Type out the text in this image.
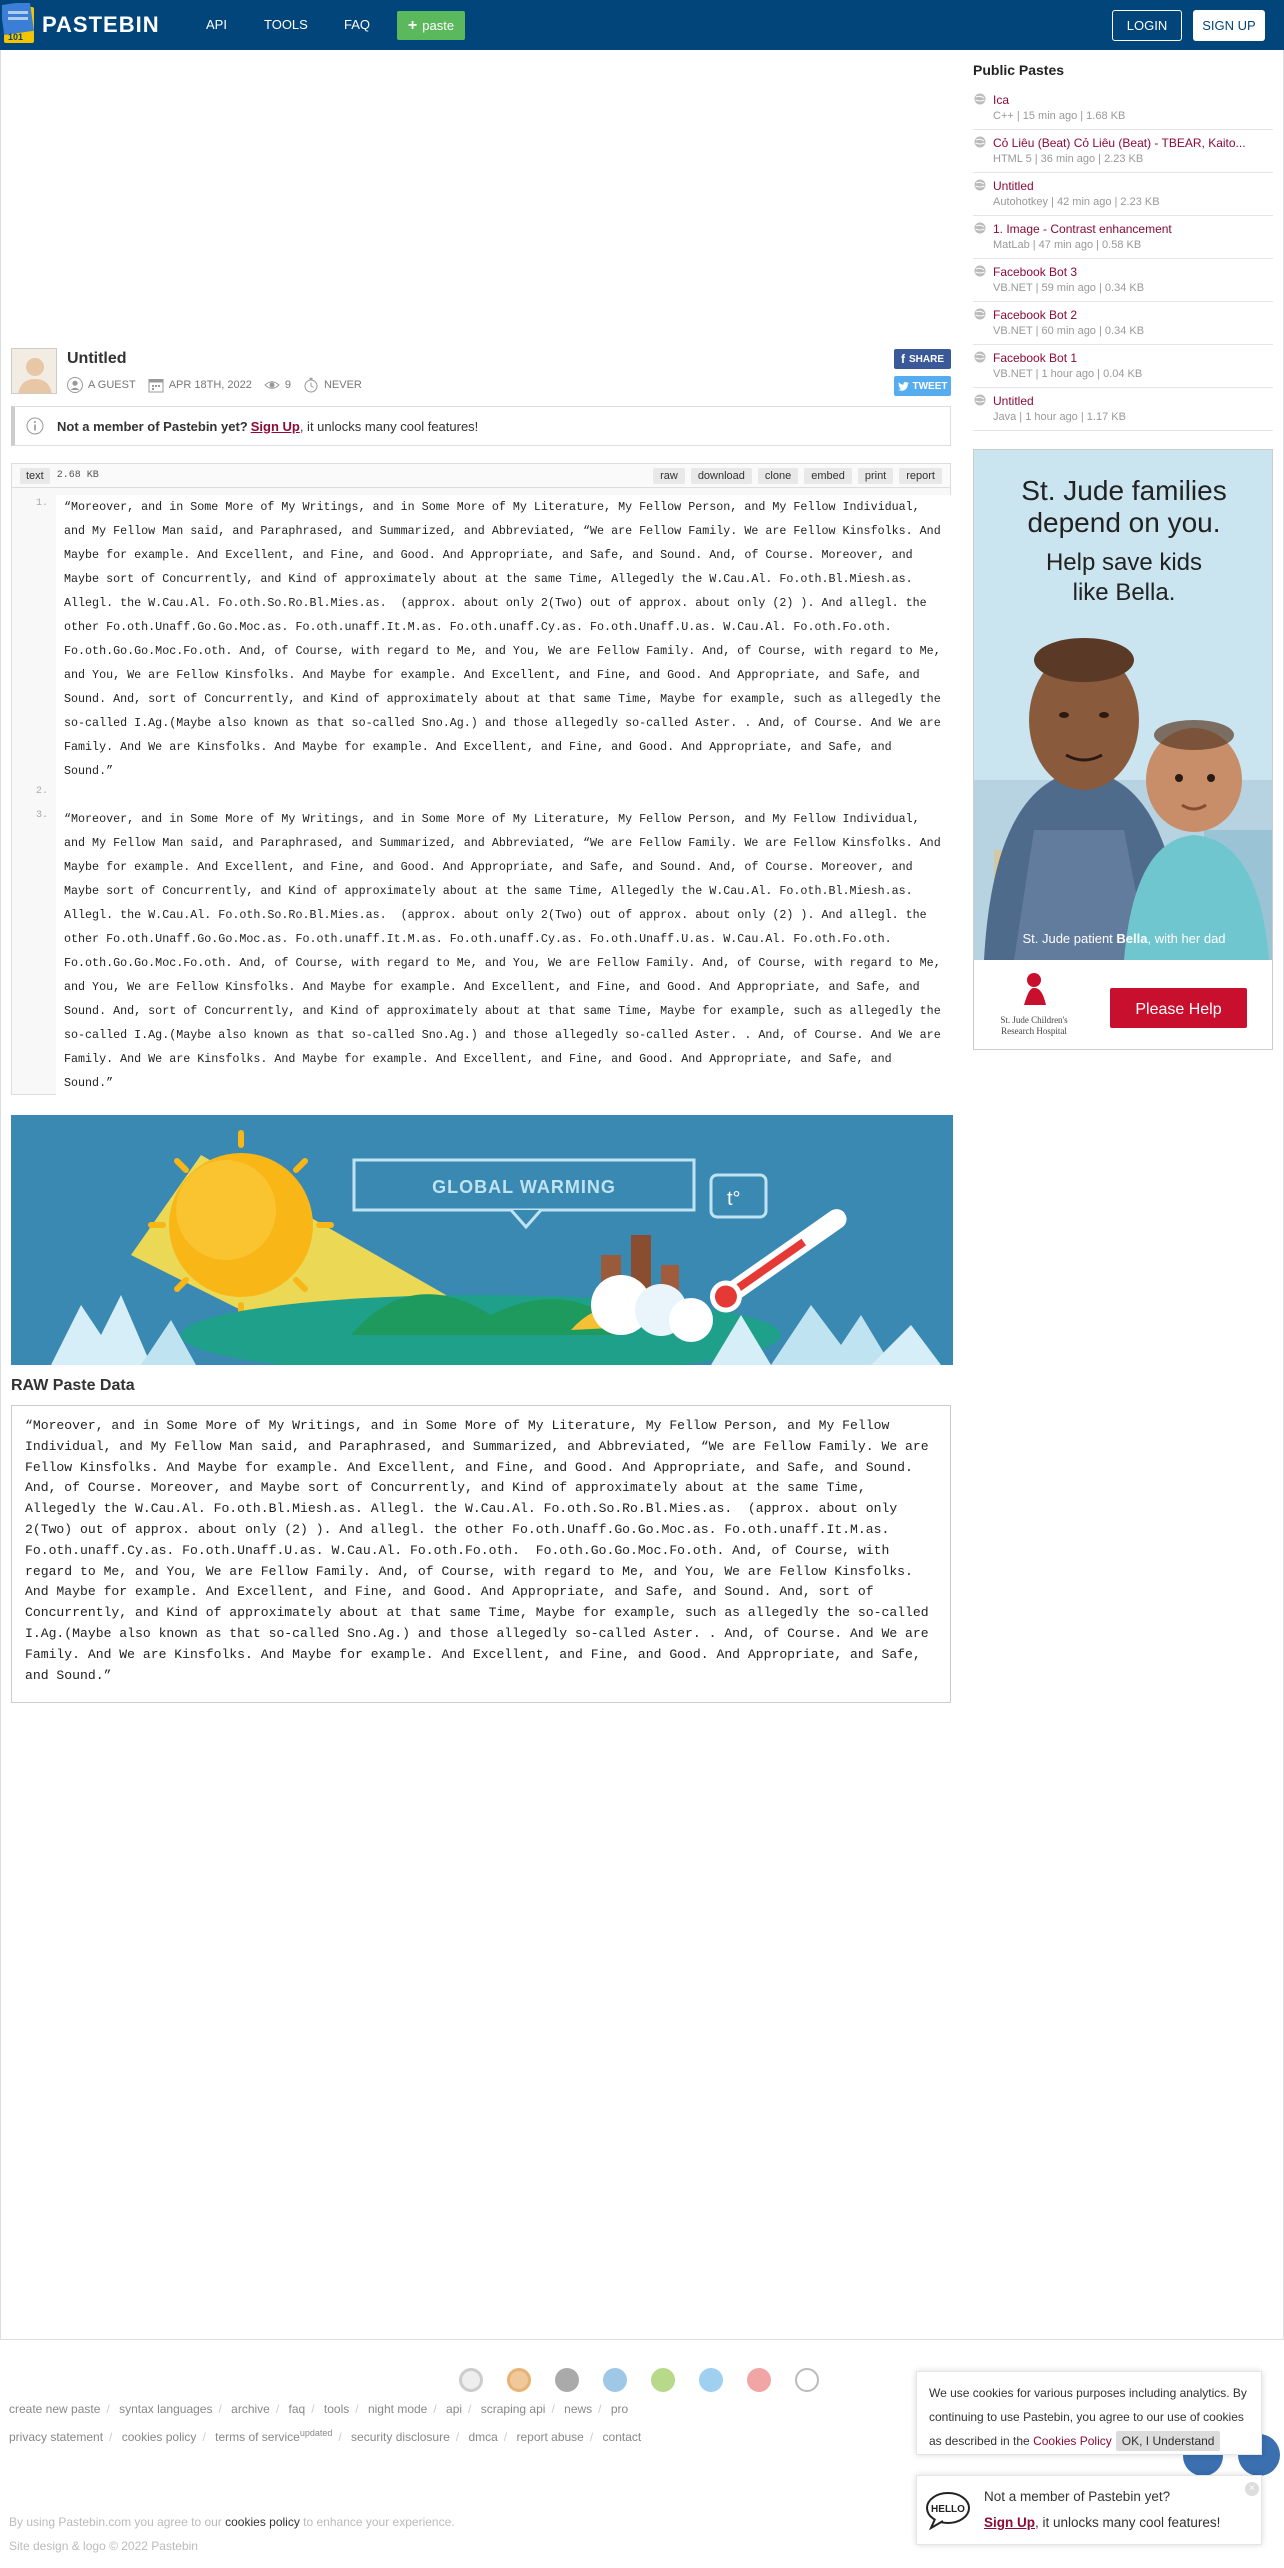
101 PASTEBIN	API	TOOLS	FAQ + paste	LOGIN	SIGN UP
Untitled
A GUEST	APR 18TH, 2022	9	NEVER
f SHARE
TWEET
Not a member of Pastebin yet? Sign Up , it unlocks many cool features!
text	2.68 KB	raw	download	clone	embed	print	report
1.	“Moreover, and in Some More of My Writings, and in Some More of My Literature, My Fellow Person, and My Fellow Individual, and My Fellow Man said, and Paraphrased, and Summarized, and Abbreviated, “We are Fellow Family. We are Fellow Kinsfolks. And Maybe for example. And Excellent, and Fine, and Good. And Appropriate, and Safe, and Sound. And, of Course. Moreover, and Maybe sort of Concurrently, and Kind of approximately about at the same Time, Allegedly the W.Cau.Al. Fo.oth.Bl.Miesh.as. Allegl. the W.Cau.Al. Fo.oth.So.Ro.Bl.Mies.as.  (approx. about only 2(Two) out of approx. about only (2) ). And allegl. the other Fo.oth.Unaff.Go.Go.Moc.as. Fo.oth.unaff.It.M.as. Fo.oth.unaff.Cy.as. Fo.oth.Unaff.U.as. W.Cau.Al. Fo.oth.Fo.oth.  Fo.oth.Go.Go.Moc.Fo.oth. And, of Course, with regard to Me, and You, We are Fellow Family. And, of Course, with regard to Me, and You, We are Fellow Kinsfolks. And Maybe for example. And Excellent, and Fine, and Good. And Appropriate, and Safe, and Sound. And, sort of Concurrently, and Kind of approximately about at that same Time, Maybe for example, such as allegedly the so-called I.Ag.(Maybe also known as that so-called Sno.Ag.) and those allegedly so-called Aster. . And, of Course. And We are Family. And We are Kinsfolks. And Maybe for example. And Excellent, and Fine, and Good. And Appropriate, and Safe, and Sound.”
2.
3.	“Moreover, and in Some More of My Writings, and in Some More of My Literature, My Fellow Person, and My Fellow Individual, and My Fellow Man said, and Paraphrased, and Summarized, and Abbreviated, “We are Fellow Family. We are Fellow Kinsfolks. And Maybe for example. And Excellent, and Fine, and Good. And Appropriate, and Safe, and Sound. And, of Course. Moreover, and Maybe sort of Concurrently, and Kind of approximately about at the same Time, Allegedly the W.Cau.Al. Fo.oth.Bl.Miesh.as. Allegl. the W.Cau.Al. Fo.oth.So.Ro.Bl.Mies.as.  (approx. about only 2(Two) out of approx. about only (2) ). And allegl. the other Fo.oth.Unaff.Go.Go.Moc.as. Fo.oth.unaff.It.M.as. Fo.oth.unaff.Cy.as. Fo.oth.Unaff.U.as. W.Cau.Al. Fo.oth.Fo.oth.  Fo.oth.Go.Go.Moc.Fo.oth. And, of Course, with regard to Me, and You, We are Fellow Family. And, of Course, with regard to Me, and You, We are Fellow Kinsfolks. And Maybe for example. And Excellent, and Fine, and Good. And Appropriate, and Safe, and Sound. And, sort of Concurrently, and Kind of approximately about at that same Time, Maybe for example, such as allegedly the so-called I.Ag.(Maybe also known as that so-called Sno.Ag.) and those allegedly so-called Aster. . And, of Course. And We are Family. And We are Kinsfolks. And Maybe for example. And Excellent, and Fine, and Good. And Appropriate, and Safe, and Sound.”
GLOBAL WARMING
t°
RAW Paste Data
“Moreover, and in Some More of My Writings, and in Some More of My Literature, My Fellow Person, and My Fellow Individual, and My Fellow Man said, and Paraphrased, and Summarized, and Abbreviated, “We are Fellow Family. We are Fellow Kinsfolks. And Maybe for example. And Excellent, and Fine, and Good. And Appropriate, and Safe, and Sound. And, of Course. Moreover, and Maybe sort of Concurrently, and Kind of approximately about at the same Time, Allegedly the W.Cau.Al. Fo.oth.Bl.Miesh.as. Allegl. the W.Cau.Al. Fo.oth.So.Ro.Bl.Mies.as.  (approx. about only 2(Two) out of approx. about only (2) ). And allegl. the other Fo.oth.Unaff.Go.Go.Moc.as. Fo.oth.unaff.It.M.as. Fo.oth.unaff.Cy.as. Fo.oth.Unaff.U.as. W.Cau.Al. Fo.oth.Fo.oth.  Fo.oth.Go.Go.Moc.Fo.oth. And, of Course, with regard to Me, and You, We are Fellow Family. And, of Course, with regard to Me, and You, We are Fellow Kinsfolks. And Maybe for example. And Excellent, and Fine, and Good. And Appropriate, and Safe, and Sound. And, sort of Concurrently, and Kind of approximately about at that same Time, Maybe for example, such as allegedly the so-called I.Ag.(Maybe also known as that so-called Sno.Ag.) and those allegedly so-called Aster. . And, of Course. And We are Family. And We are Kinsfolks. And Maybe for example. And Excellent, and Fine, and Good. And Appropriate, and Safe, and Sound.”
Public Pastes
Ica
C++ | 15 min ago | 1.68 KB
Cỏ Liêu (Beat) Cỏ Liêu (Beat) - TBEAR, Kaito...
HTML 5 | 36 min ago | 2.23 KB
Untitled
Autohotkey | 42 min ago | 2.23 KB
1. Image - Contrast enhancement
MatLab | 47 min ago | 0.58 KB
Facebook Bot 3
VB.NET | 59 min ago | 0.34 KB
Facebook Bot 2
VB.NET | 60 min ago | 0.34 KB
Facebook Bot 1
VB.NET | 1 hour ago | 0.04 KB
Untitled
Java | 1 hour ago | 1.17 KB
St. Jude families
depend on you.
Help save kids
like Bella.
St. Jude patient Bella, with her dad
St. Jude Children's
Research Hospital
Please Help
create new paste / syntax languages / archive / faq / tools / night mode / api / scraping api / news / pro
privacy statement / cookies policy / terms of service$^{updated}$ / security disclosure / dmca / report abuse / contact
By using Pastebin.com you agree to our cookies policy to enhance your experience.
Site design & logo © 2022 Pastebin
We use cookies for various purposes including analytics. By
continuing to use Pastebin, you agree to our use of cookies
as described in the Cookies Policy OK, I Understand
HELLO
Not a member of Pastebin yet?
Sign Up, it unlocks many cool features!
×
